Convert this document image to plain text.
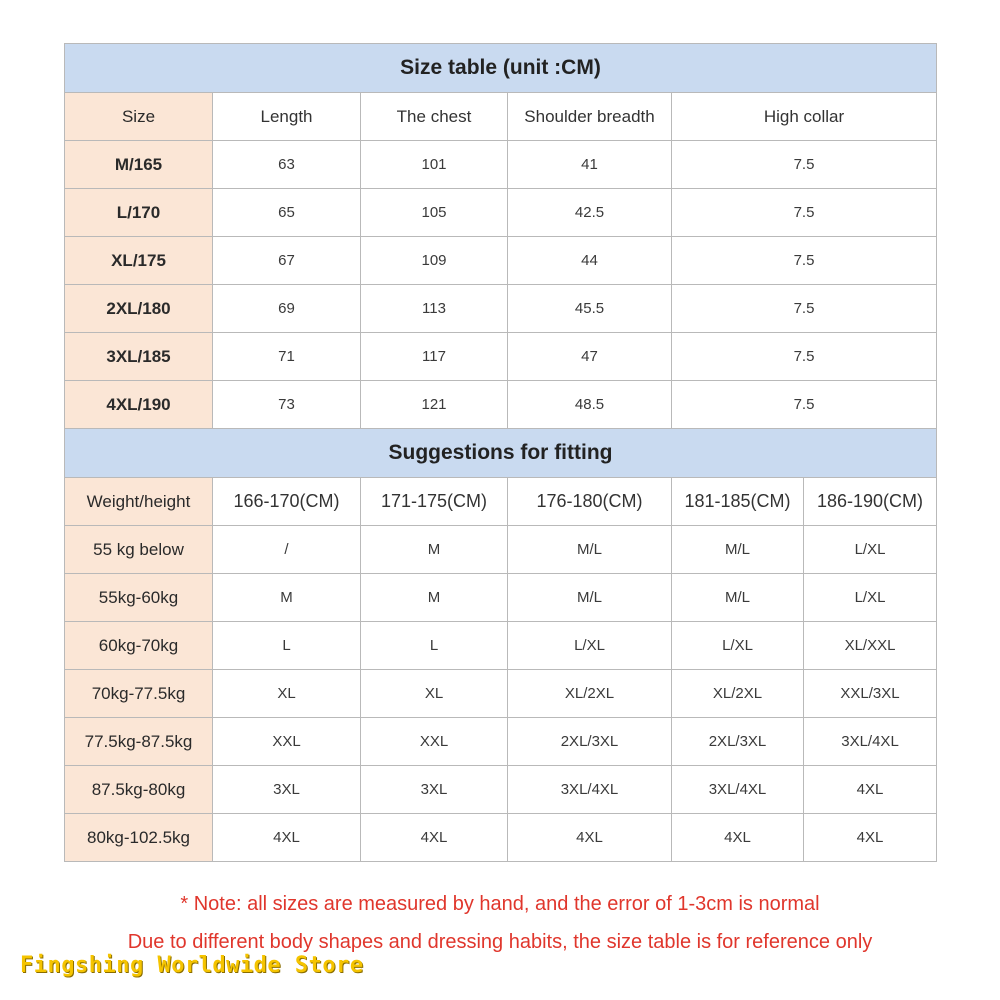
Size table (unit :CM)					
Size	Length	The chest	Shoulder breadth	High collar	
M/165	63	101	41	7.5	
L/170	65	105	42.5	7.5	
XL/175	67	109	44	7.5	
2XL/180	69	113	45.5	7.5	
3XL/185	71	117	47	7.5	
4XL/190	73	121	48.5	7.5	
Suggestions for fitting					
Weight/height	166-170(CM)	171-175(CM)	176-180(CM)	181-185(CM)	186-190(CM)
55 kg below	/	M	M/L	M/L	L/XL
55kg-60kg	M	M	M/L	M/L	L/XL
60kg-70kg	L	L	L/XL	L/XL	XL/XXL
70kg-77.5kg	XL	XL	XL/2XL	XL/2XL	XXL/3XL
77.5kg-87.5kg	XXL	XXL	2XL/3XL	2XL/3XL	3XL/4XL
87.5kg-80kg	3XL	3XL	3XL/4XL	3XL/4XL	4XL
80kg-102.5kg	4XL	4XL	4XL	4XL	4XL
* Note: all sizes are measured by hand, and the error of 1-3cm is normal
Due to different body shapes and dressing habits, the size table is for reference only
Fingshing Worldwide Store
